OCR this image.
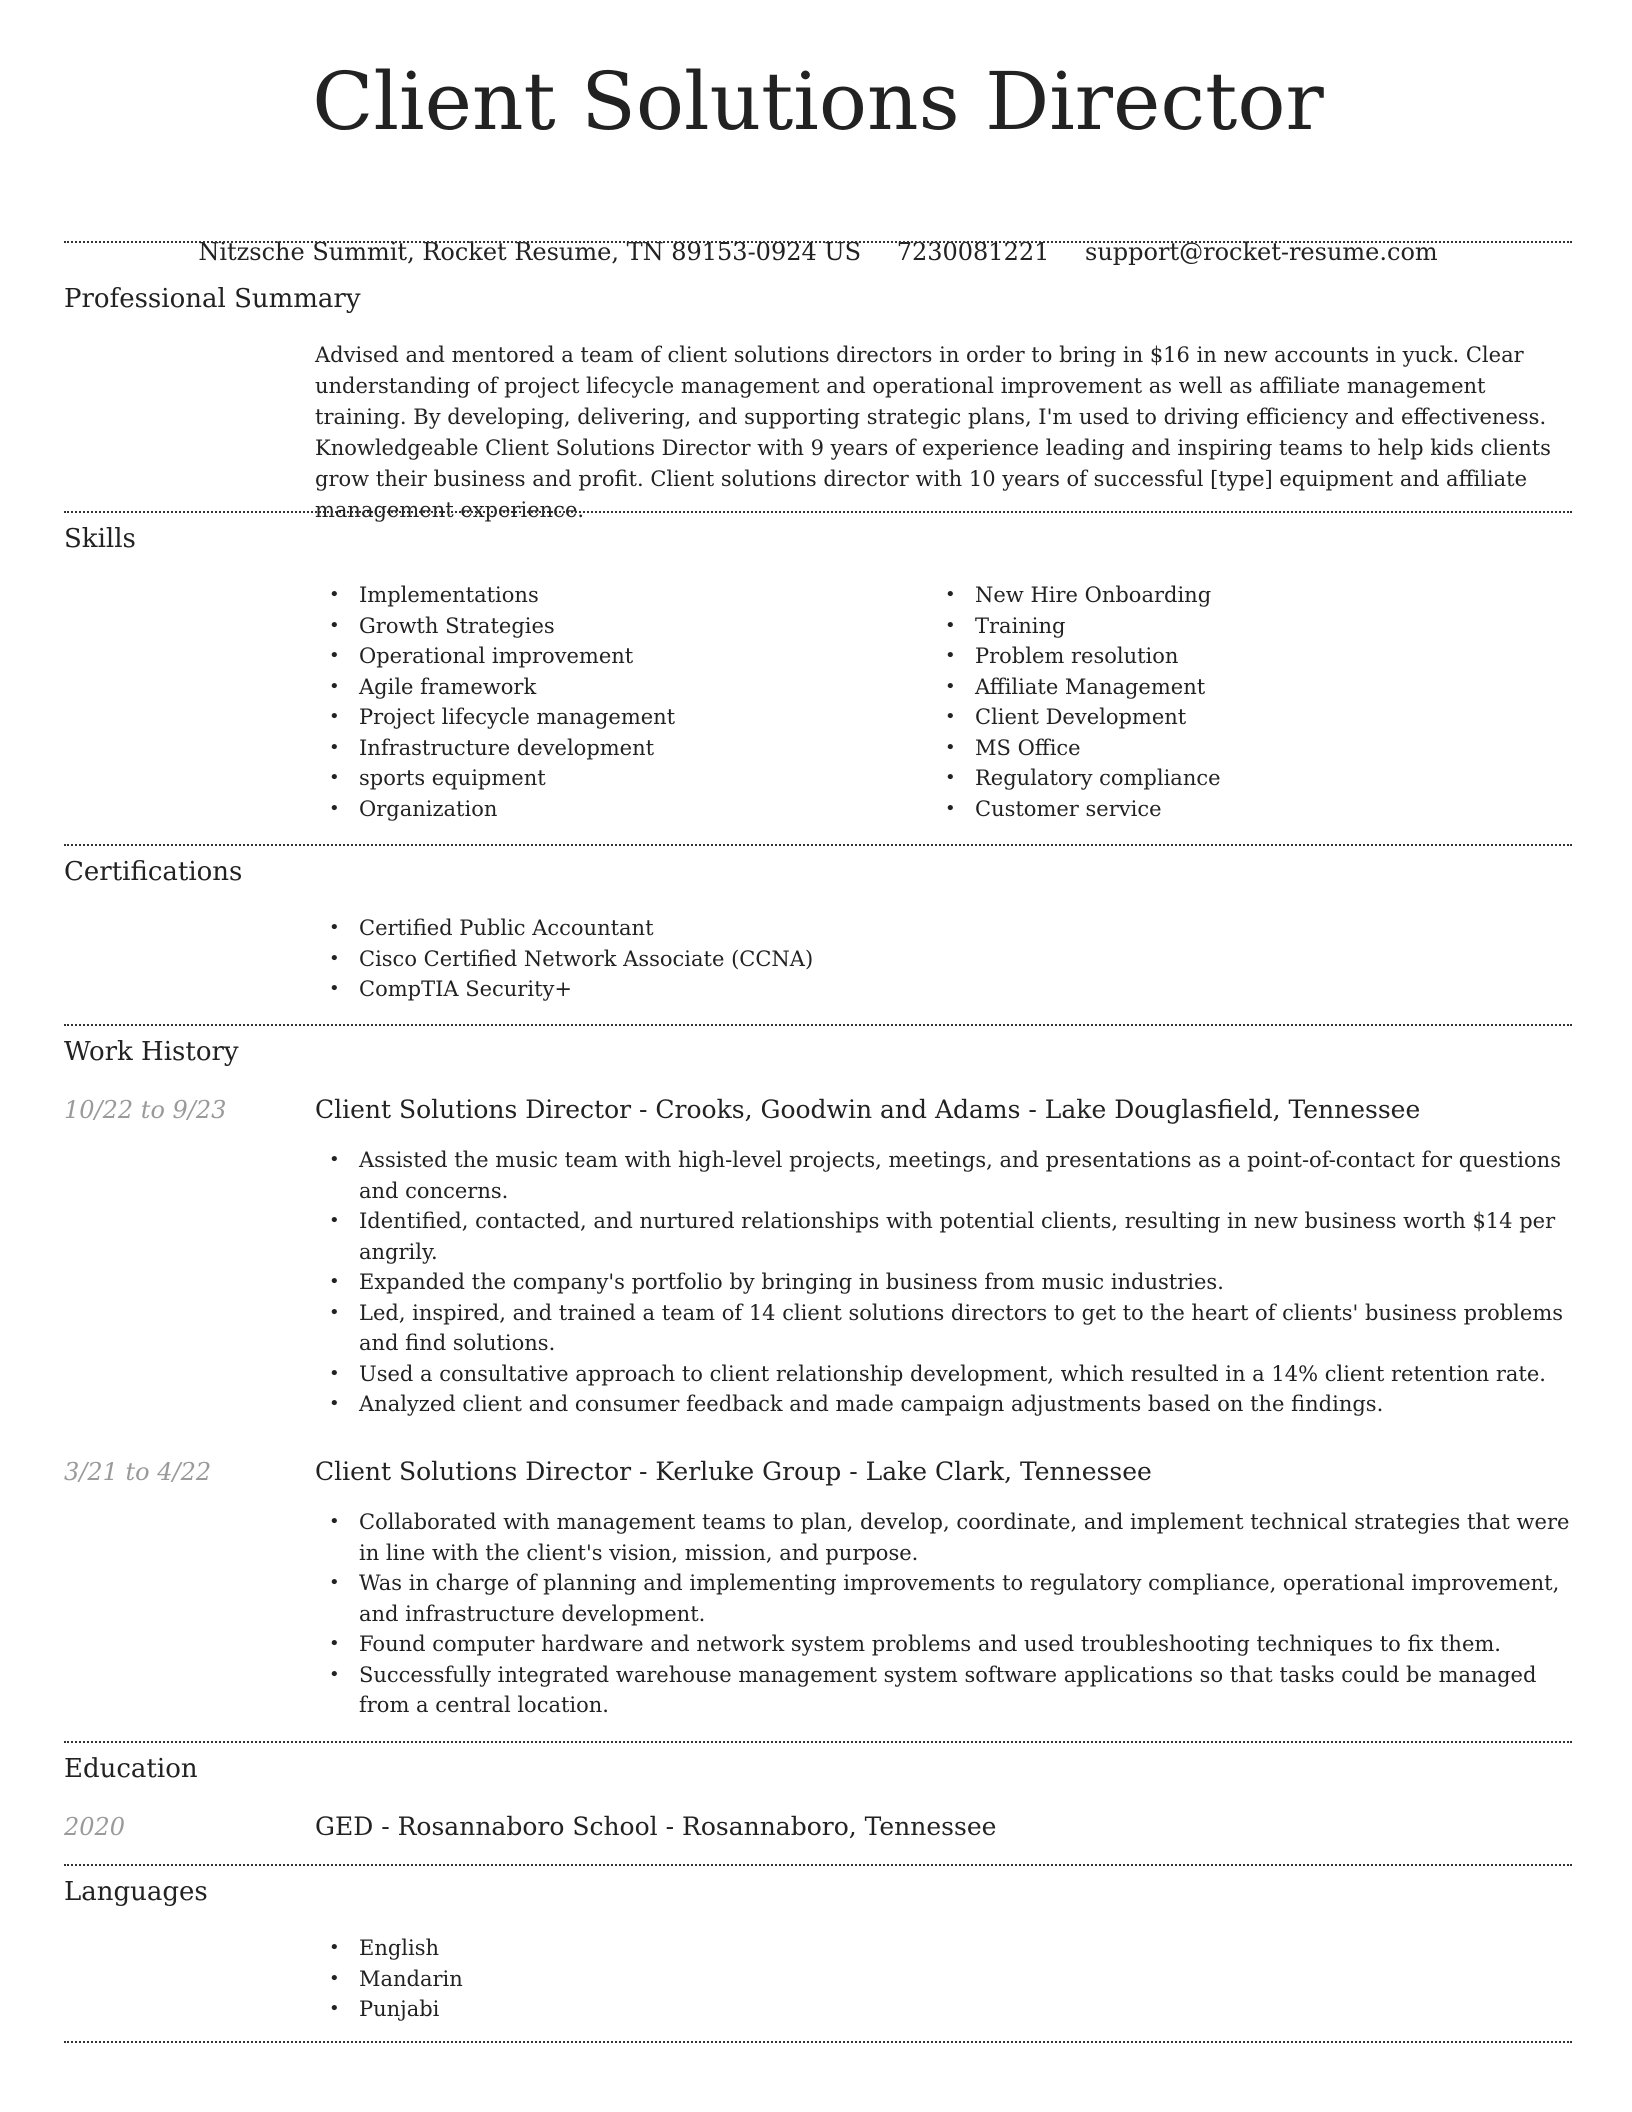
Client Solutions Director
Nitzsche Summit, Rocket Resume, TN 89153-0924 US 7230081221 support@rocket-resume.com
Professional Summary

Advised and mentored a team of client solutions directors in order to bring in $16 in new accounts in yuck. Clear understanding of project lifecycle management and operational improvement as well as affiliate management training. By developing, delivering, and supporting strategic plans, I'm used to driving efficiency and effectiveness. Knowledgeable Client Solutions Director with 9 years of experience leading and inspiring teams to help kids clients grow their business and profit. Client solutions director with 10 years of successful [type] equipment and affiliate management experience.

Skills
• Implementations
• Growth Strategies
• Operational improvement
• Agile framework
• Project lifecycle management
• Infrastructure development
• sports equipment
• Organization
• New Hire Onboarding
• Training
• Problem resolution
• Affiliate Management
• Client Development
• MS Office
• Regulatory compliance
• Customer service
Certifications
• Certified Public Accountant
• Cisco Certified Network Associate (CCNA)
• CompTIA Security+
Work History
10/22 to 9/23	Client Solutions Director - Crooks, Goodwin and Adams - Lake Douglasfield, Tennessee
• Assisted the music team with high-level projects, meetings, and presentations as a point-of-contact for questions and concerns.
• Identified, contacted, and nurtured relationships with potential clients, resulting in new business worth $14 per angrily.
• Expanded the company's portfolio by bringing in business from music industries.
• Led, inspired, and trained a team of 14 client solutions directors to get to the heart of clients' business problems and find solutions.
• Used a consultative approach to client relationship development, which resulted in a 14% client retention rate.
• Analyzed client and consumer feedback and made campaign adjustments based on the findings.
3/21 to 4/22	Client Solutions Director - Kerluke Group - Lake Clark, Tennessee
• Collaborated with management teams to plan, develop, coordinate, and implement technical strategies that were in line with the client's vision, mission, and purpose.
• Was in charge of planning and implementing improvements to regulatory compliance, operational improvement, and infrastructure development.
• Found computer hardware and network system problems and used troubleshooting techniques to fix them.
• Successfully integrated warehouse management system software applications so that tasks could be managed from a central location.
Education
2020	GED - Rosannaboro School - Rosannaboro, Tennessee
Languages
• English
• Mandarin
• Punjabi
